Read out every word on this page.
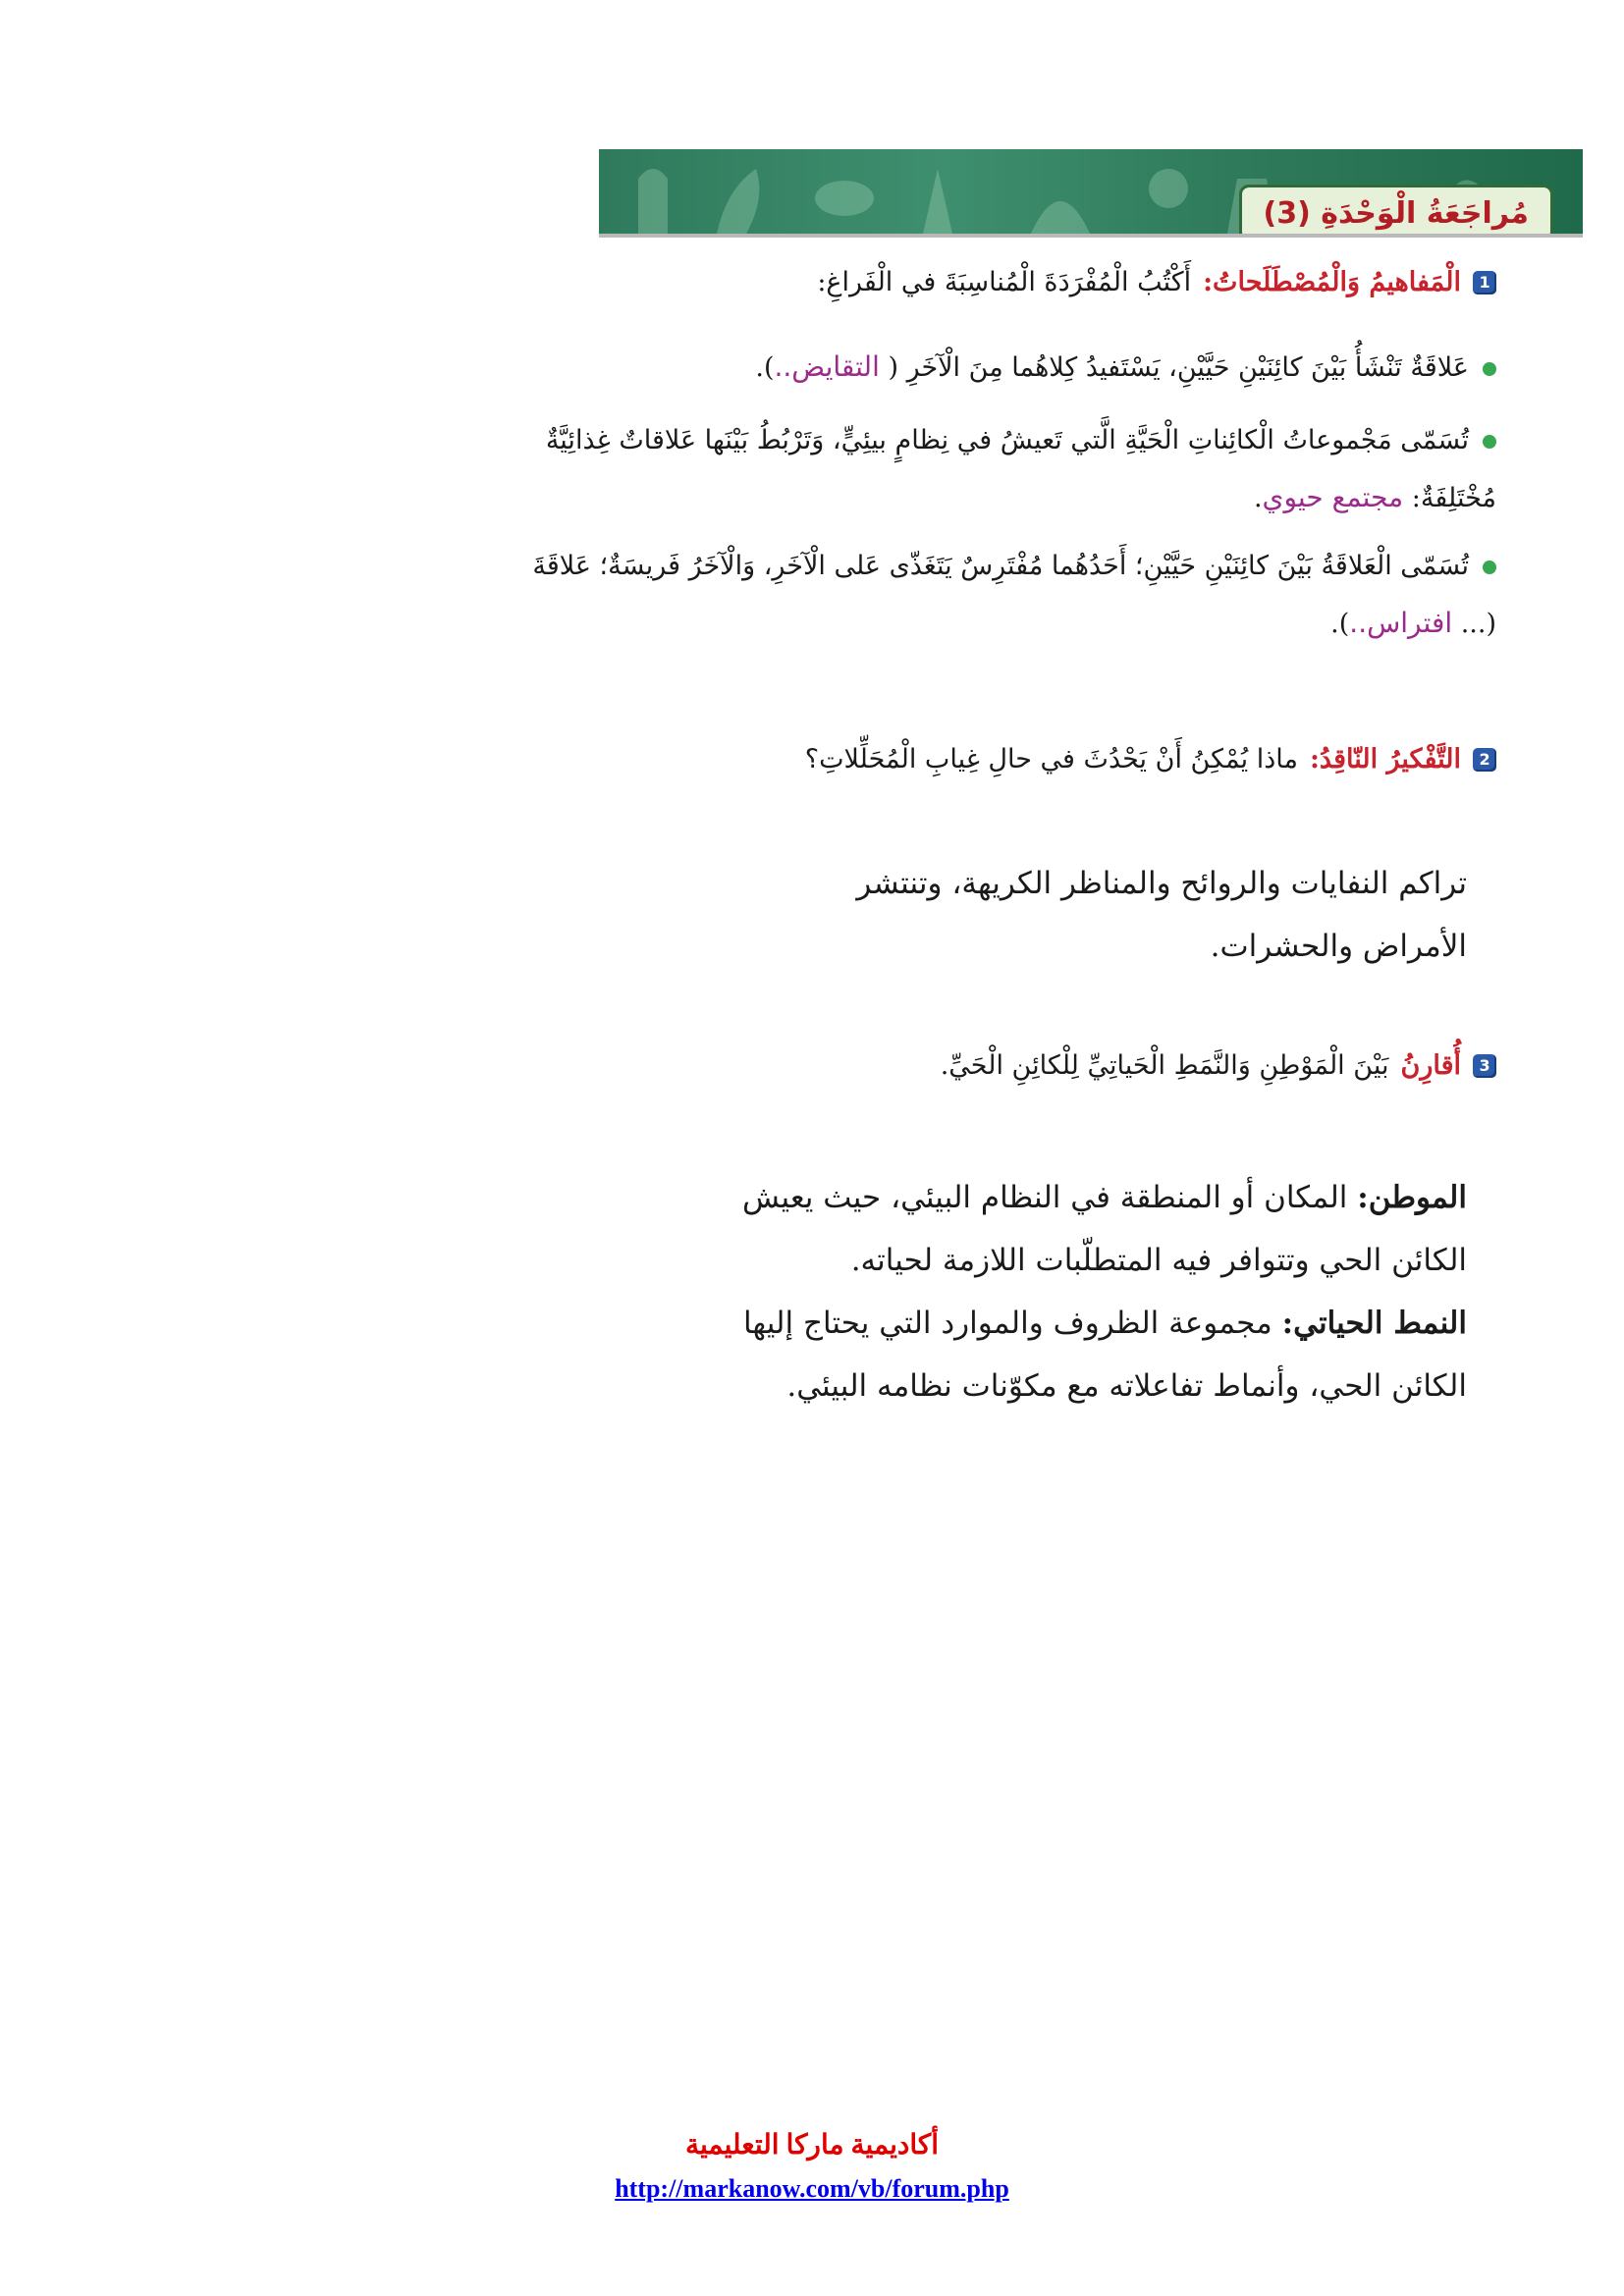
مُراجَعَةُ الْوَحْدَةِ (3)
1
الْمَفاهيمُ وَالْمُصْطَلَحاتُ:
أَكْتُبُ الْمُفْرَدَةَ الْمُناسِبَةَ في الْفَراغِ:
عَلاقَةٌ تَنْشَأُ بَيْنَ كائِنَيْنِ حَيَّيْنِ، يَسْتَفيدُ كِلاهُما مِنَ الْآخَرِ ( التقايض..).
تُسَمّى مَجْموعاتُ الْكائِناتِ الْحَيَّةِ الَّتي تَعيشُ في نِظامٍ بيئِيٍّ، وَتَرْبُطُ بَيْنَها عَلاقاتٌ غِذائِيَّةٌ مُخْتَلِفَةٌ: مجتمع حيوي.
تُسَمّى الْعَلاقَةُ بَيْنَ كائِنَيْنِ حَيَّيْنِ؛ أَحَدُهُما مُفْتَرِسٌ يَتَغَذّى عَلى الْآخَرِ، وَالْآخَرُ فَريسَةٌ؛ عَلاقَةَ (... افتراس..).
2
التَّفْكيرُ النّاقِدُ:
ماذا يُمْكِنُ أَنْ يَحْدُثَ في حالِ غِيابِ الْمُحَلِّلاتِ؟
تراكم النفايات والروائح والمناظر الكريهة، وتنتشر
الأمراض والحشرات.
3
أُقارِنُ
بَيْنَ الْمَوْطِنِ وَالنَّمَطِ الْحَياتِيِّ لِلْكائِنِ الْحَيِّ.
الموطن: المكان أو المنطقة في النظام البيئي، حيث يعيش
الكائن الحي وتتوافر فيه المتطلّبات اللازمة لحياته.
النمط الحياتي: مجموعة الظروف والموارد التي يحتاج إليها
الكائن الحي، وأنماط تفاعلاته مع مكوّنات نظامه البيئي.
أكاديمية ماركا التعليمية
http://markanow.com/vb/forum.php
